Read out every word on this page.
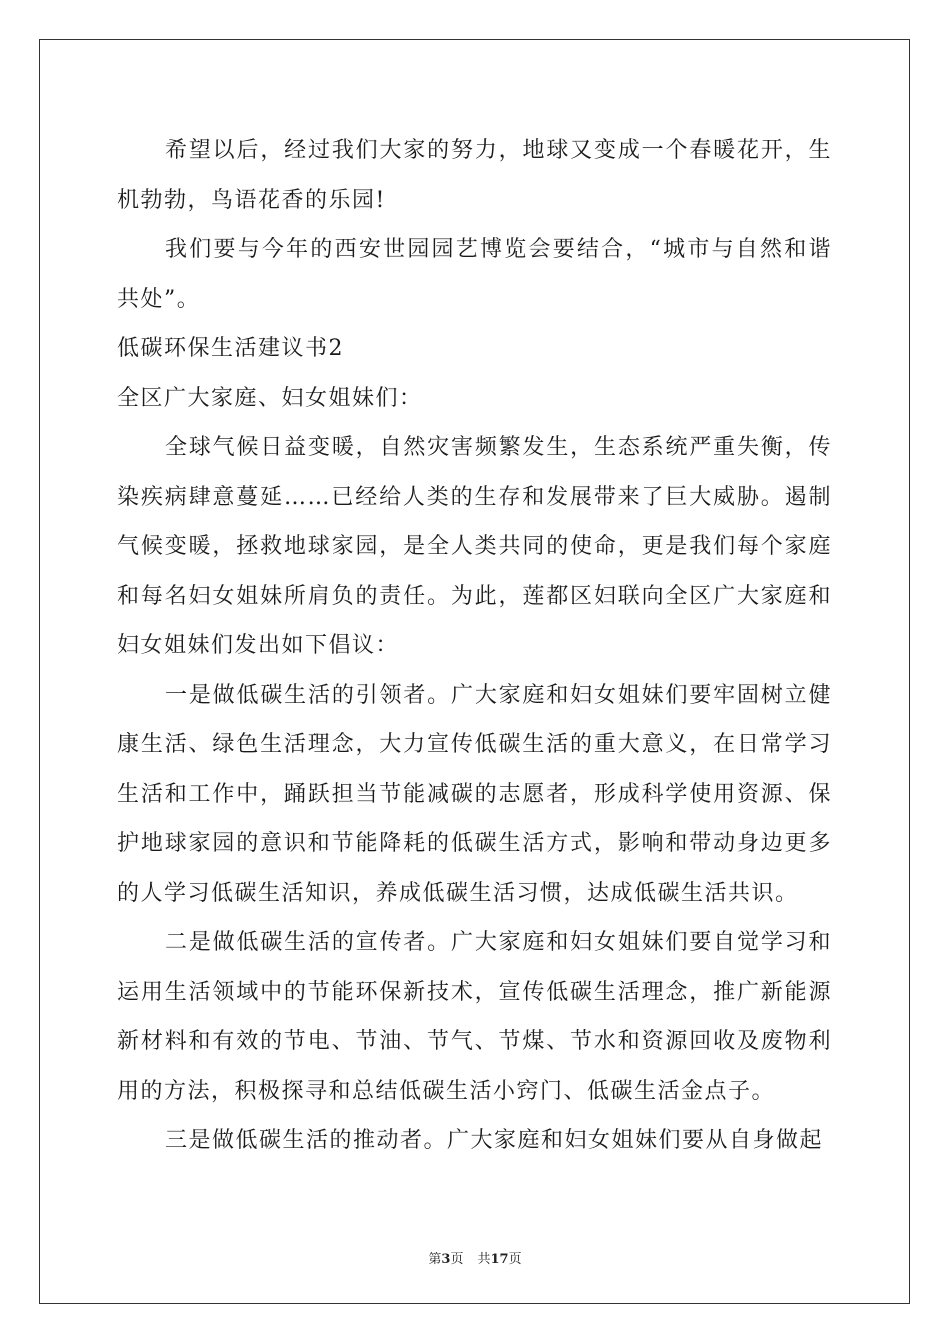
希望以后，经过我们大家的努力，地球又变成一个春暖花开，生机勃勃，鸟语花香的乐园!

我们要与今年的西安世园园艺博览会要结合，“城市与自然和谐共处”。

低碳环保生活建议书2

全区广大家庭、妇女姐妹们：

全球气候日益变暖，自然灾害频繁发生，生态系统严重失衡，传染疾病肆意蔓延……已经给人类的生存和发展带来了巨大威胁。遏制气候变暖，拯救地球家园，是全人类共同的使命，更是我们每个家庭和每名妇女姐妹所肩负的责任。为此，莲都区妇联向全区广大家庭和妇女姐妹们发出如下倡议：

一是做低碳生活的引领者。广大家庭和妇女姐妹们要牢固树立健康生活、绿色生活理念，大力宣传低碳生活的重大意义，在日常学习生活和工作中，踊跃担当节能减碳的志愿者，形成科学使用资源、保护地球家园的意识和节能降耗的低碳生活方式，影响和带动身边更多的人学习低碳生活知识，养成低碳生活习惯，达成低碳生活共识。

二是做低碳生活的宣传者。广大家庭和妇女姐妹们要自觉学习和运用生活领域中的节能环保新技术，宣传低碳生活理念，推广新能源新材料和有效的节电、节油、节气、节煤、节水和资源回收及废物利用的方法，积极探寻和总结低碳生活小窍门、低碳生活金点子。

三是做低碳生活的推动者。广大家庭和妇女姐妹们要从自身做起

第3页 共17页
